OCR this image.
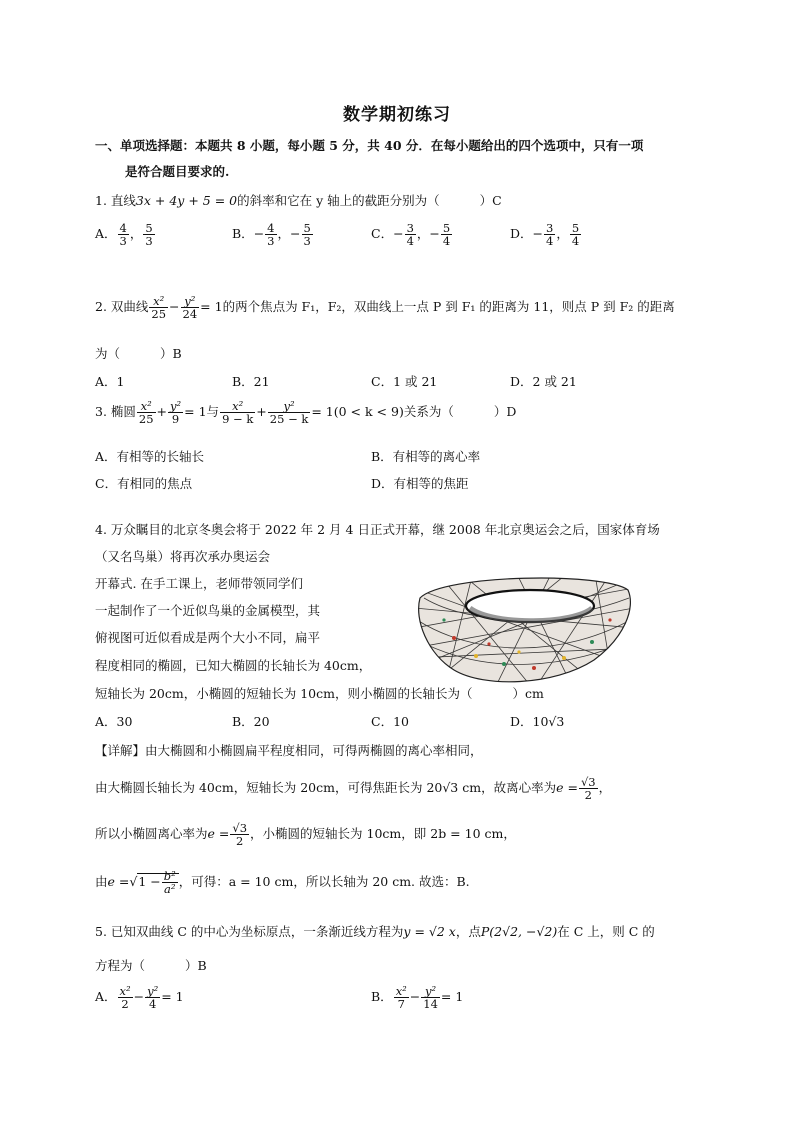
数学期初练习
一、单项选择题：本题共 8 小题，每小题 5 分，共 40 分．在每小题给出的四个选项中，只有一项
是符合题目要求的.
1. 直线3x + 4y + 5 = 0的斜率和它在 y 轴上的截距分别为（	）C
A． $\frac{4}{3}$ ， $\frac{5}{3}$	B．− $\frac{4}{3}$ ，− $\frac{5}{3}$	C．− $\frac{3}{4}$ ，− $\frac{5}{4}$	D．− $\frac{3}{4}$ ， $\frac{5}{4}$
2. 双曲线 $\frac{\text{x²}}{25} - \frac{\text{y²}}{24} = 1$的两个焦点为 F₁，F₂，双曲线上一点 P 到 F₁ 的距离为 11，则点 P 到 F₂ 的距离
为（	）B
A．1	B．21	C．1 或 21	D．2 或 21
3. 椭圆 $\frac{\text{x²}}{25} + \frac{\text{y²}}{9} = 1$与 $\frac{\text{x²}}{9 - k} + \frac{\text{y²}}{25 - k} = 1(0 < k < 9)$关系为（	）D
A．有相等的长轴长	B．有相等的离心率
C．有相同的焦点	D．有相等的焦距
4. 万众瞩目的北京冬奥会将于 2022 年 2 月 4 日正式开幕，继 2008 年北京奥运会之后，国家体育场
（又名鸟巢）将再次承办奥运会
开幕式. 在手工课上，老师带领同学们
一起制作了一个近似鸟巢的金属模型，其
俯视图可近似看成是两个大小不同，扁平
程度相同的椭圆，已知大椭圆的长轴长为 40cm，
短轴长为 20cm，小椭圆的短轴长为 10cm，则小椭圆的长轴长为（	）cm
A．30	B．20	C．10	D．10√3
【详解】由大椭圆和小椭圆扁平程度相同，可得两椭圆的离心率相同，
由大椭圆长轴长为 40cm，短轴长为 20cm，可得焦距长为 20√3 cm，故离心率为$e = \frac{√3}{2}$ ，
所以小椭圆离心率为$e = \frac{√3}{2}$ ，小椭圆的短轴长为 10cm，即 2b = 10 cm，
由$e =√1 - \frac{\text{b²}}{\text{a²}}$ ，可得：a = 10 cm，所以长轴为 20 cm. 故选：B.
5. 已知双曲线 C 的中心为坐标原点，一条渐近线方程为y = √2 x，点P(2√2, −√2)在 C 上，则 C 的
方程为（	）B
A． $\frac{\text{x²}}{2} - \frac{\text{y²}}{4} = 1$	B． $\frac{\text{x²}}{7} - \frac{\text{y²}}{14} = 1$
